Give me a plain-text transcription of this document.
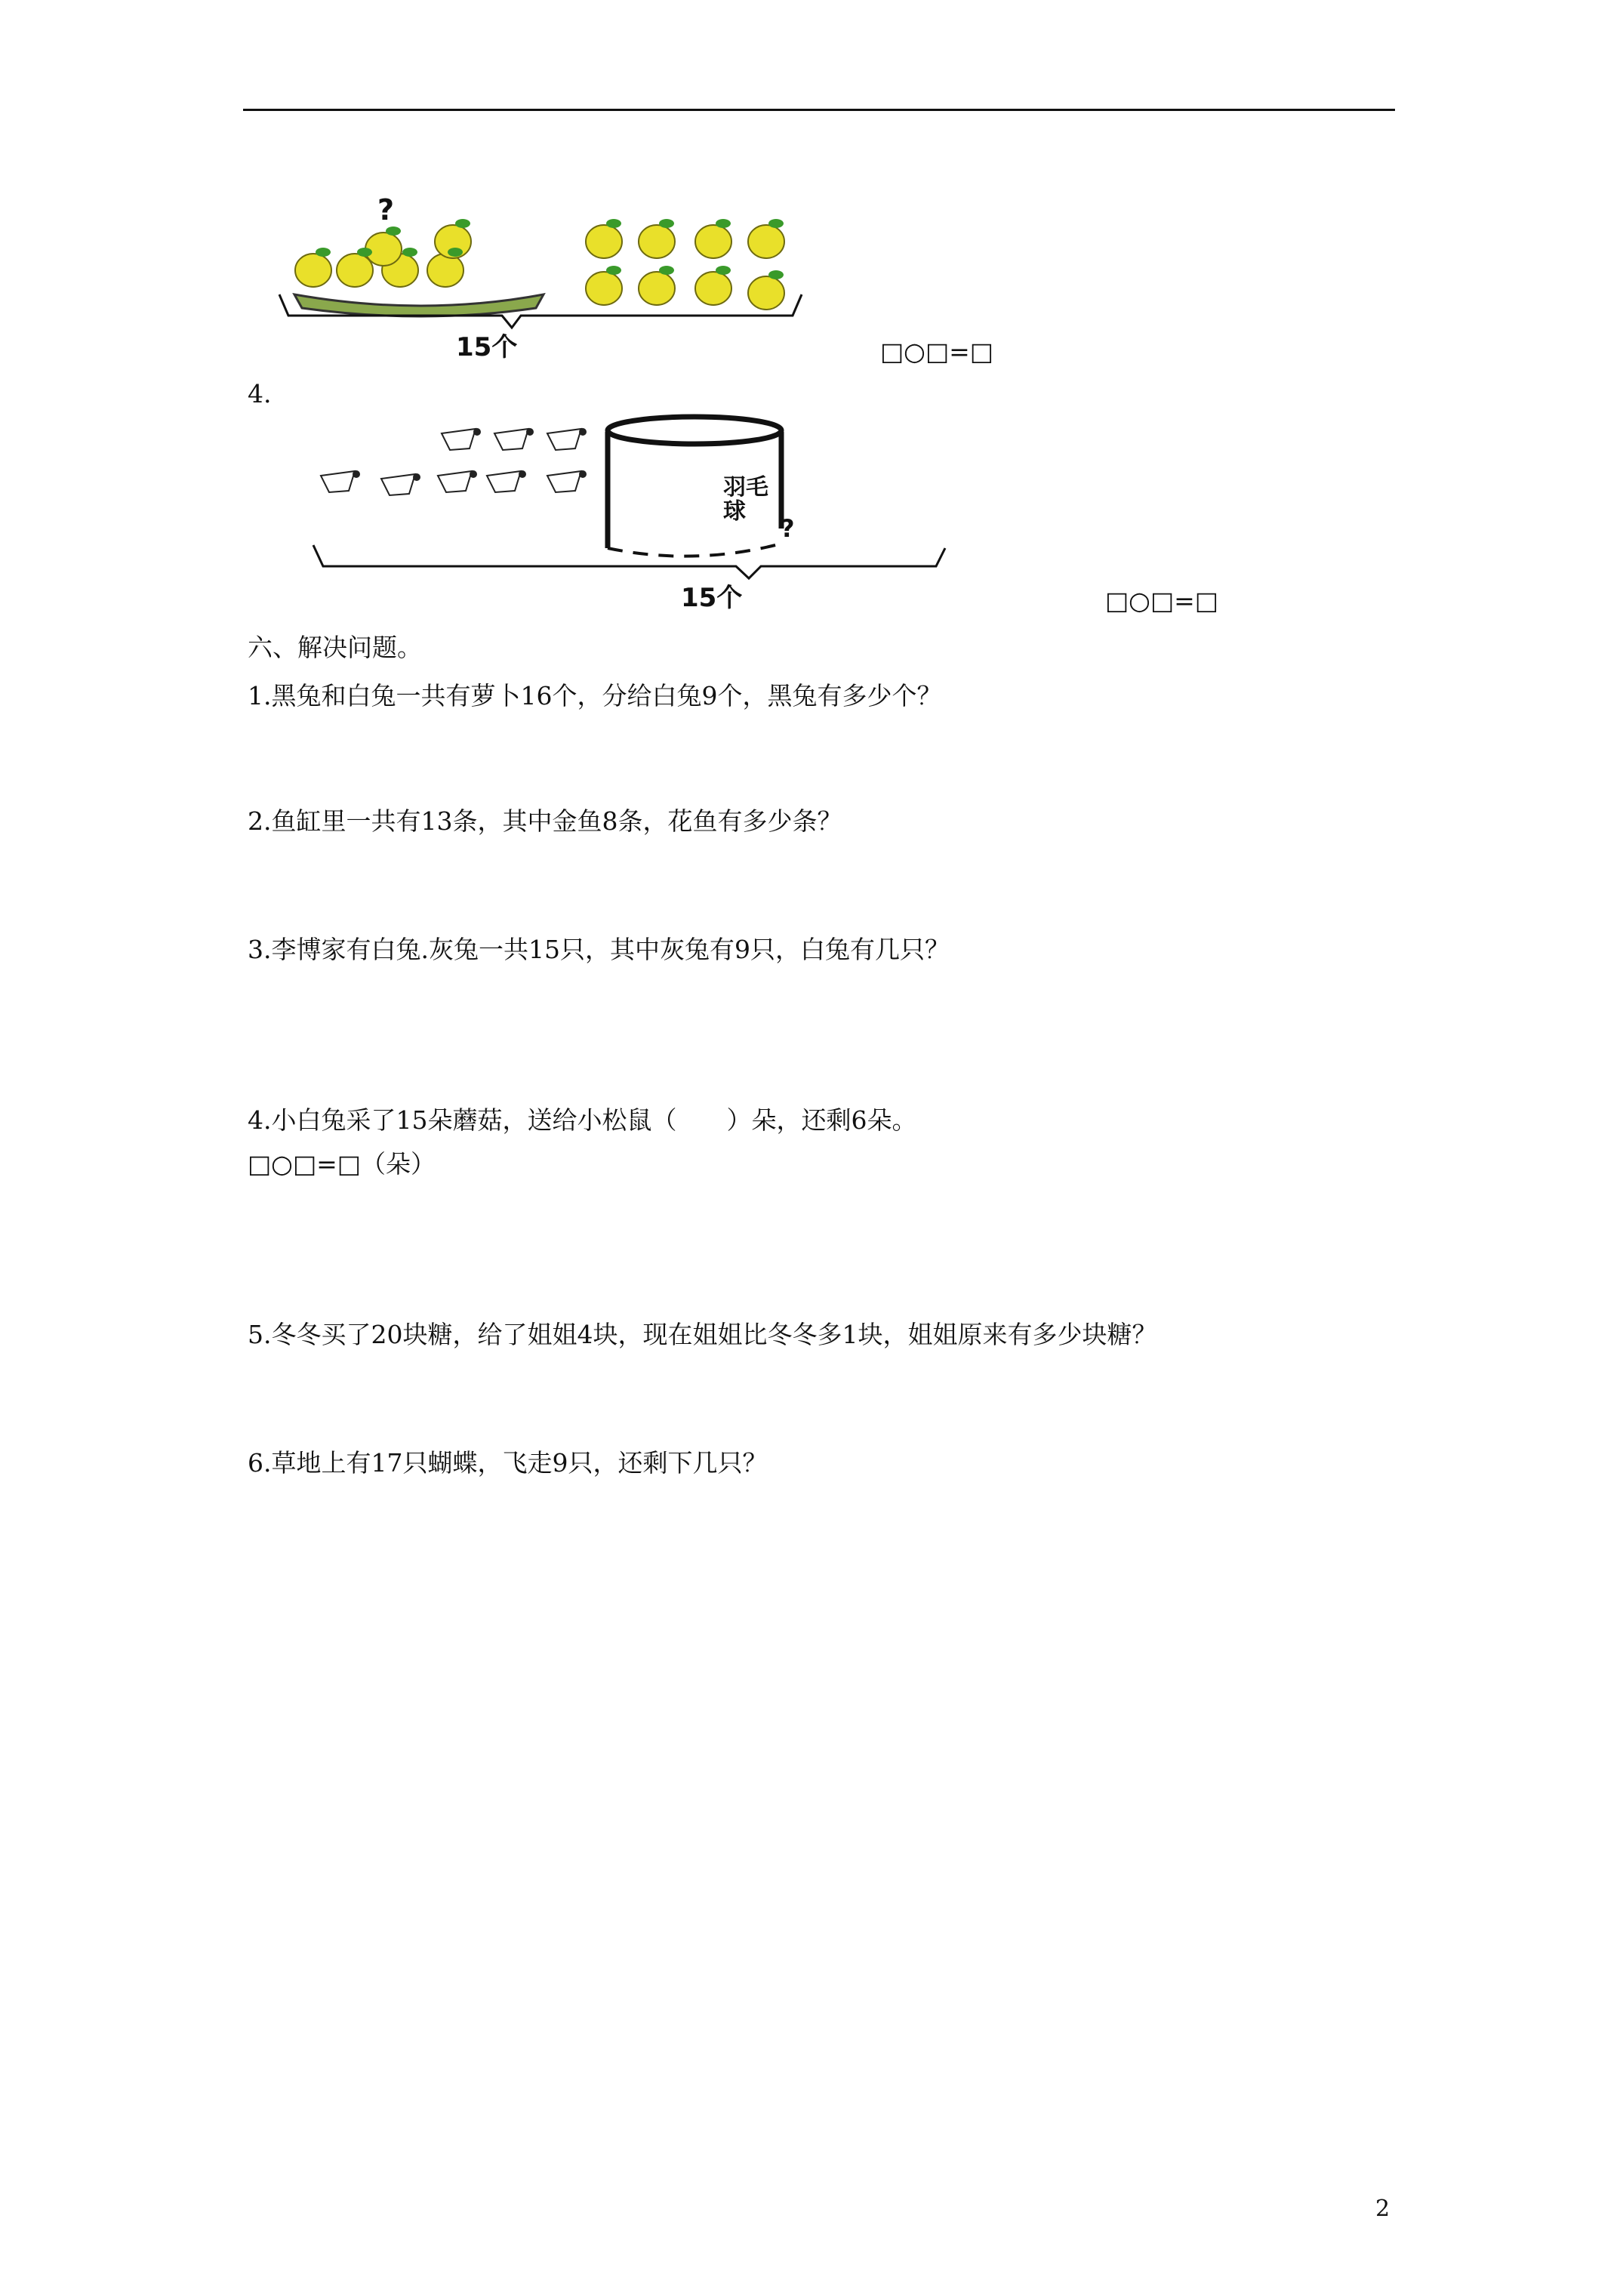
?
15个	□○□=□
4.
羽毛
球
?
15个	□○□=□
六、解决问题。
1.黑兔和白兔一共有萝卜16个，分给白兔9个，黑兔有多少个？
2.鱼缸里一共有13条，其中金鱼8条，花鱼有多少条？
3.李博家有白兔.灰兔一共15只，其中灰兔有9只，白兔有几只？
4.小白兔采了15朵蘑菇，送给小松鼠（　　）朵，还剩6朵。
□○□=□（朵）
5.冬冬买了20块糖，给了姐姐4块，现在姐姐比冬冬多1块，姐姐原来有多少块糖？
6.草地上有17只蝴蝶，飞走9只，还剩下几只？
2
